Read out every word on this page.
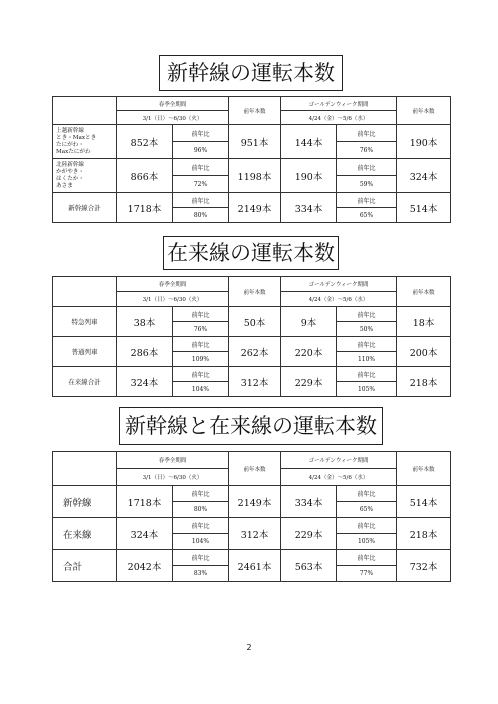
新幹線の運転本数
	春季全期間		前年本数	ゴールデンウィーク期間		前年本数
	3/1（日）～6/30（火）			4/24（金）～5/6（水）		
上越新幹線
とき・Maxとき
たにがわ・
Maxたにがわ	852本	前年比	951本	144本	前年比	190本
		96%			76%	
北陸新幹線
かがやき・
はくたか・
あさま	866本	前年比	1198本	190本	前年比	324本
		72%			59%	
新幹線合計	1718本	前年比	2149本	334本	前年比	514本
		80%			65%	
在来線の運転本数
	春季全期間		前年本数	ゴールデンウィーク期間		前年本数
	3/1（日）～6/30（火）			4/24（金）～5/6（水）		
特急列車	38本	前年比	50本	9本	前年比	18本
		76%			50%	
普通列車	286本	前年比	262本	220本	前年比	200本
		109%			110%	
在来線合計	324本	前年比	312本	229本	前年比	218本
		104%			105%	
新幹線と在来線の運転本数
	春季全期間		前年本数	ゴールデンウィーク期間		前年本数
	3/1（日）～6/30（火）			4/24（金）～5/6（水）		
新幹線	1718本	前年比	2149本	334本	前年比	514本
		80%			65%	
在来線	324本	前年比	312本	229本	前年比	218本
		104%			105%	
合計	2042本	前年比	2461本	563本	前年比	732本
		83%			77%	
2
